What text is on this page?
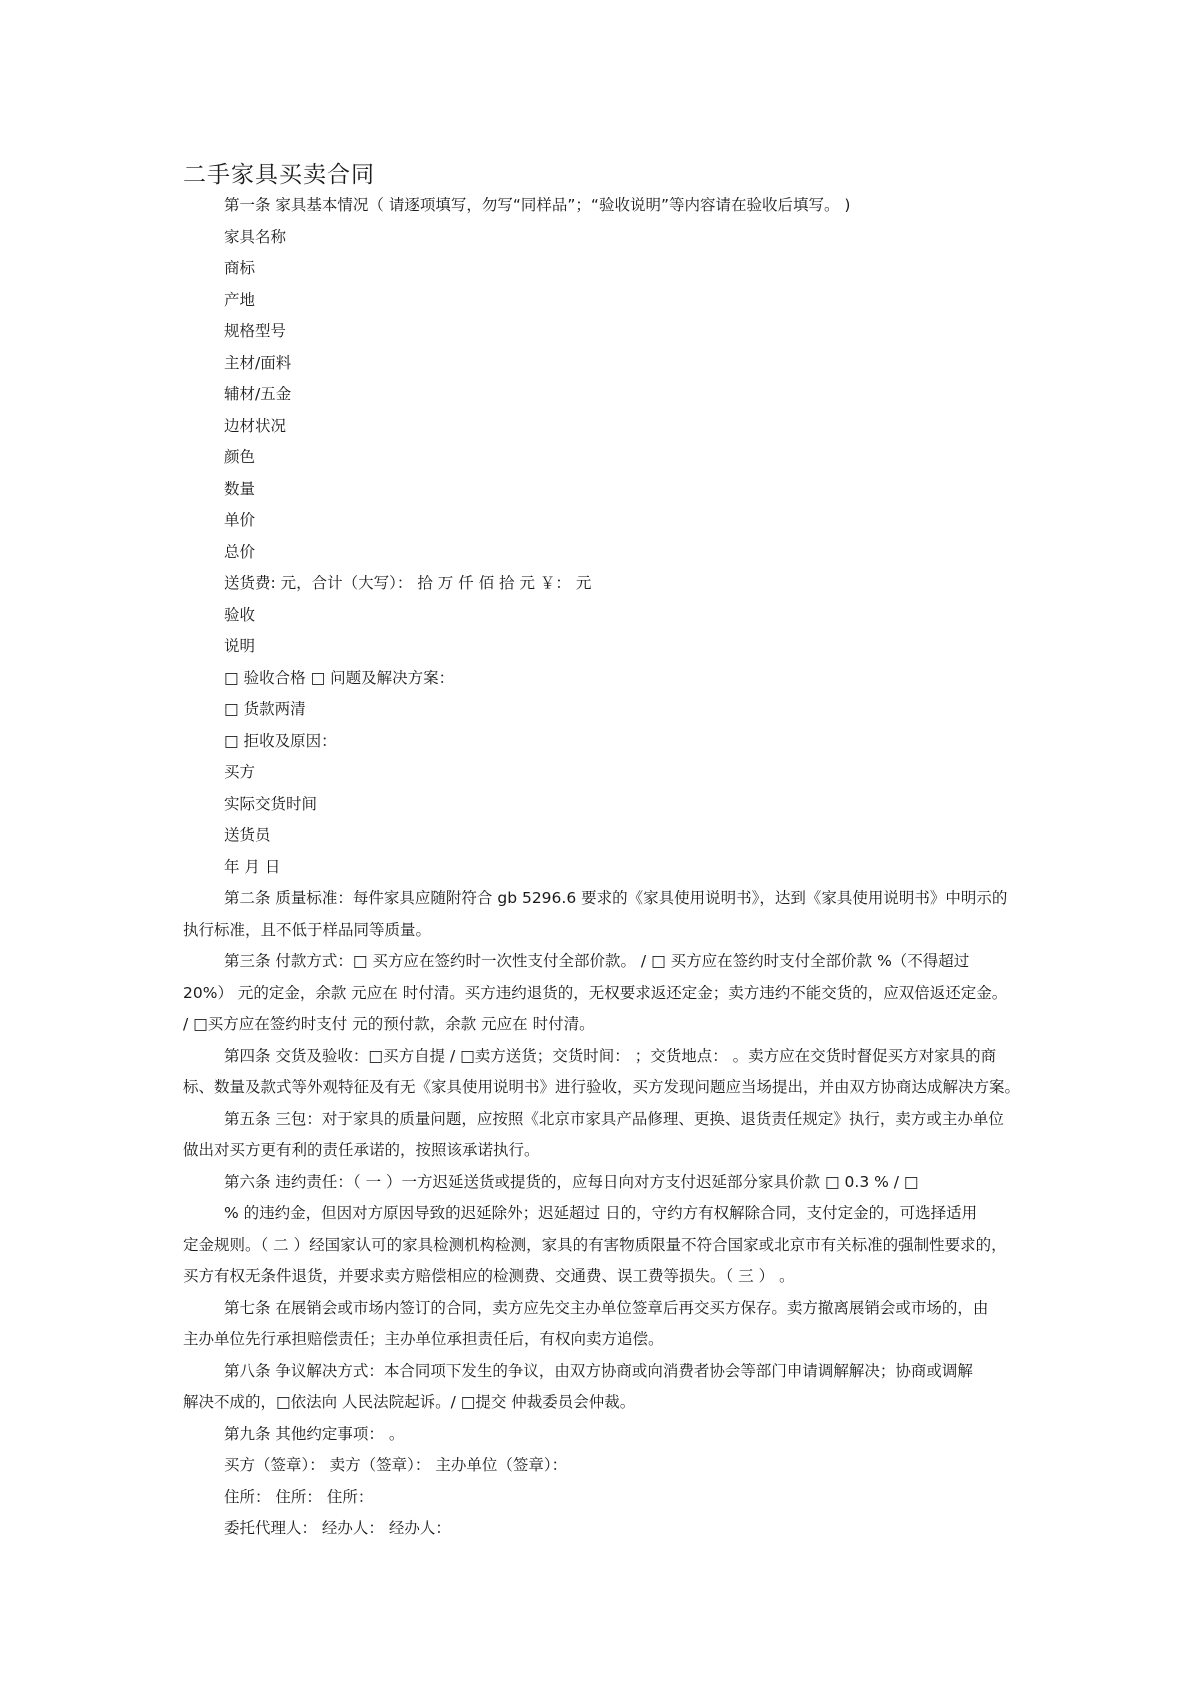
二手家具买卖合同
第一条 家具基本情况（ 请逐项填写，勿写“同样品”；“验收说明”等内容请在验收后填写。 )
家具名称
商标
产地
规格型号
主材/面料
辅材/五金
边材状况
颜色
数量
单价
总价
送货费: 元，合计（大写）： 拾 万 仟 佰 拾 元 ￥： 元
验收
说明
□ 验收合格 □ 问题及解决方案：
□ 货款两清
□ 拒收及原因：
买方
实际交货时间
送货员
年 月 日
第二条 质量标准：每件家具应随附符合 gb 5296.6 要求的《家具使用说明书》，达到《家具使用说明书》中明示的
执行标准，且不低于样品同等质量。
第三条 付款方式：□ 买方应在签约时一次性支付全部价款。 / □ 买方应在签约时支付全部价款 %（不得超过
20%） 元的定金，余款 元应在 时付清。买方违约退货的，无权要求返还定金；卖方违约不能交货的，应双倍返还定金。
/ □买方应在签约时支付 元的预付款，余款 元应在 时付清。
第四条 交货及验收：□买方自提 / □卖方送货；交货时间： ；交货地点： 。卖方应在交货时督促买方对家具的商
标、数量及款式等外观特征及有无《家具使用说明书》进行验收，买方发现问题应当场提出，并由双方协商达成解决方案。
第五条 三包：对于家具的质量问题，应按照《北京市家具产品修理、更换、退货责任规定》执行，卖方或主办单位
做出对买方更有利的责任承诺的，按照该承诺执行。
第六条 违约责任：（ 一 ）一方迟延送货或提货的，应每日向对方支付迟延部分家具价款 □ 0.3 % / □
% 的违约金，但因对方原因导致的迟延除外；迟延超过 日的，守约方有权解除合同，支付定金的，可选择适用
定金规则。（ 二 ）经国家认可的家具检测机构检测，家具的有害物质限量不符合国家或北京市有关标准的强制性要求的，
买方有权无条件退货，并要求卖方赔偿相应的检测费、交通费、误工费等损失。（ 三 ） 。
第七条 在展销会或市场内签订的合同，卖方应先交主办单位签章后再交买方保存。卖方撤离展销会或市场的，由
主办单位先行承担赔偿责任；主办单位承担责任后，有权向卖方追偿。
第八条 争议解决方式：本合同项下发生的争议，由双方协商或向消费者协会等部门申请调解解决；协商或调解
解决不成的，□依法向 人民法院起诉。/ □提交 仲裁委员会仲裁。
第九条 其他约定事项： 。
买方（签章）： 卖方（签章）： 主办单位（签章）：
住所： 住所： 住所：
委托代理人： 经办人： 经办人：
